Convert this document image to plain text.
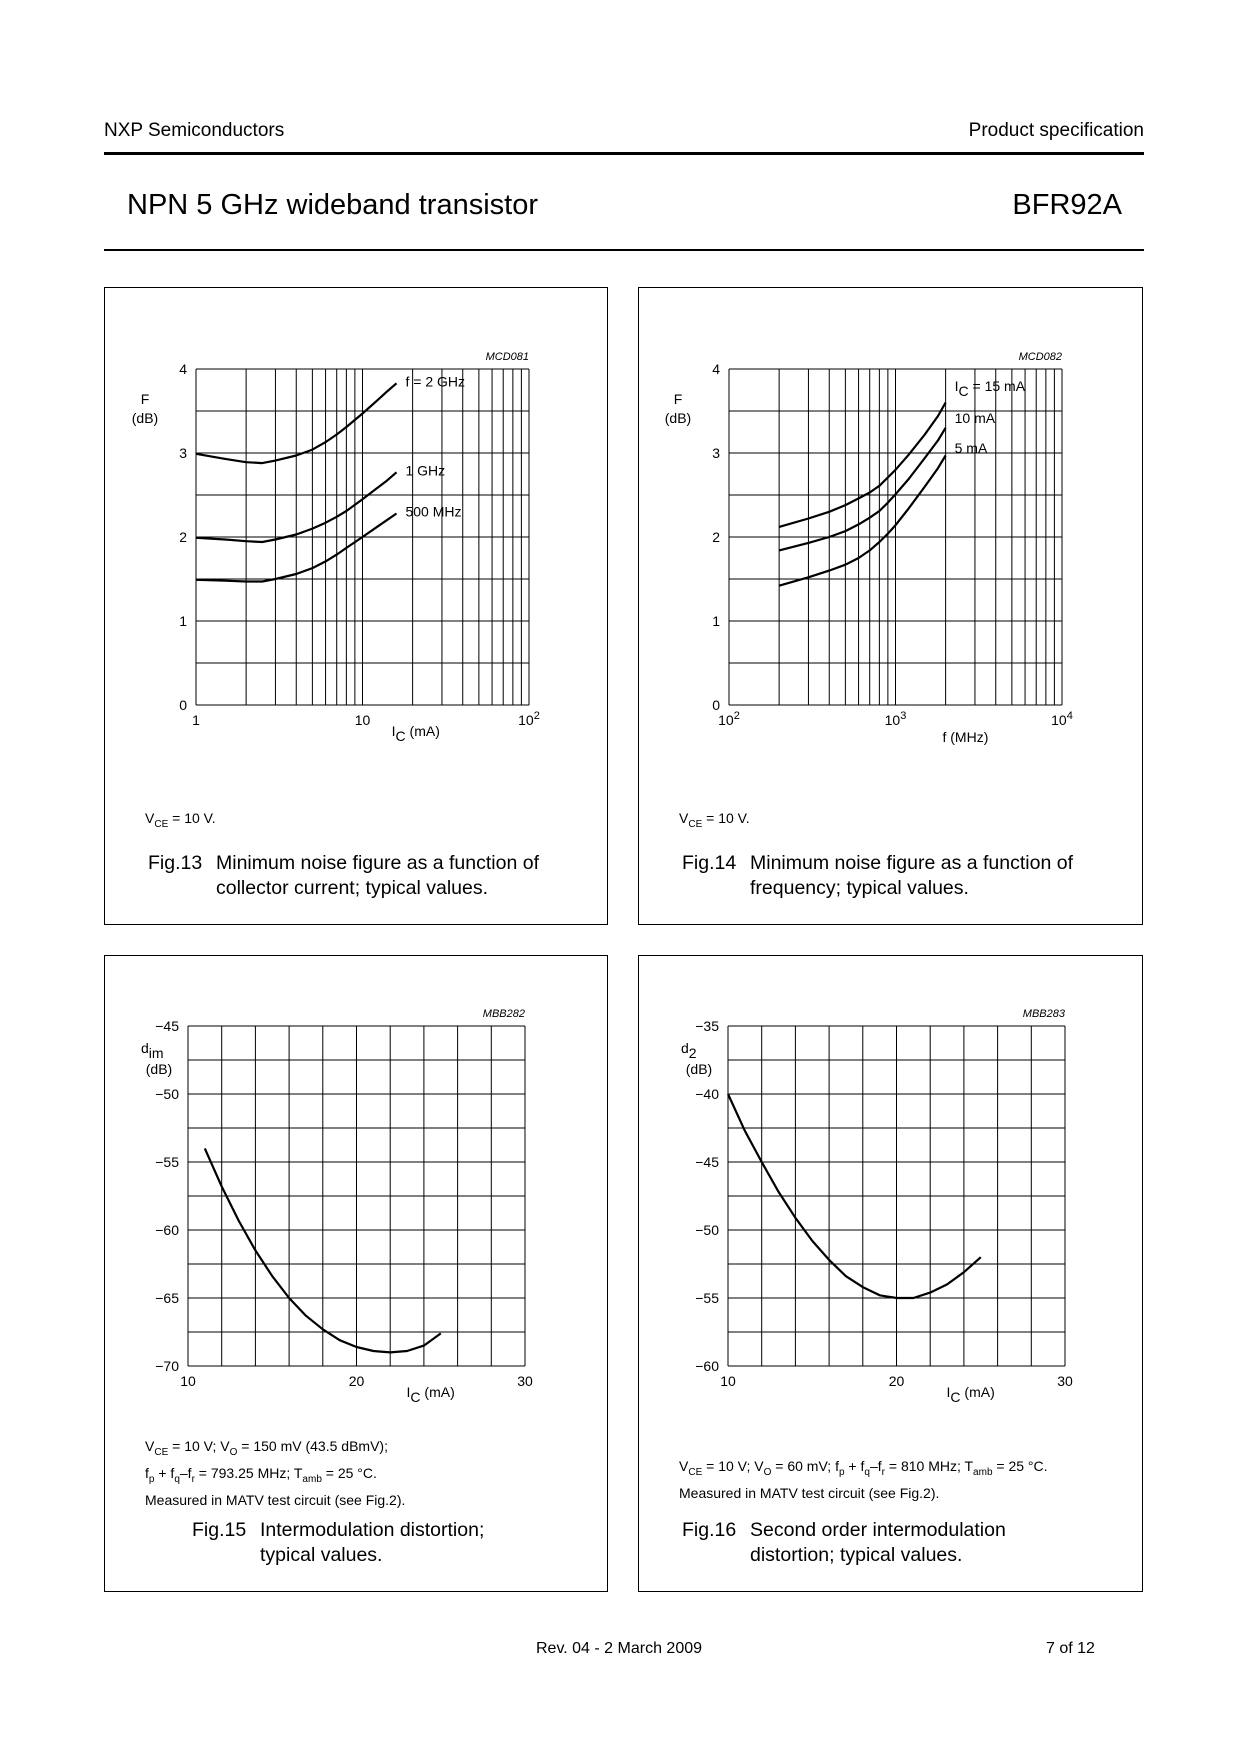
NXP Semiconductors	Product specification
NPN 5 GHz wideband transistor	BFR92A
MCD081
0
1
2
3
4
1	10	$10^2$
F
(dB)
IC (mA)
f = 2 GHz
1 GHz
500 MHz
$V_{CE} = 10$ V.
Fig.13 Minimum noise figure as a function of collector current; typical values.
MCD082
0
1
2
3
4
$10^2$	$10^3$	$10^4$
F
(dB)
f (MHz)
IC = 15 mA
10 mA
5 mA
$V_{CE} = 10$ V.
Fig.14 Minimum noise figure as a function of frequency; typical values.
MBB282
−70
−65
−60
−55
−50
−45
10	20	30
dim
(dB)
IC (mA)
$V_{CE} = 10$ V; $V_O = 150$ mV (43.5 dBmV);
$f_p + f_q-f_r = 793.25$ MHz; $T_{amb} = 25$ °C.
Measured in MATV test circuit (see Fig.2).
Fig.15 Intermodulation distortion; typical values.
MBB283
−60
−55
−50
−45
−40
−35
10	20	30
d2
(dB)
IC (mA)
$V_{CE} = 10$ V; $V_O = 60$ mV; $f_p + f_q-f_r = 810$ MHz; $T_{amb} = 25$ °C.
Measured in MATV test circuit (see Fig.2).
Fig.16 Second order intermodulation distortion; typical values.
Rev. 04 - 2 March 2009	7 of 12
